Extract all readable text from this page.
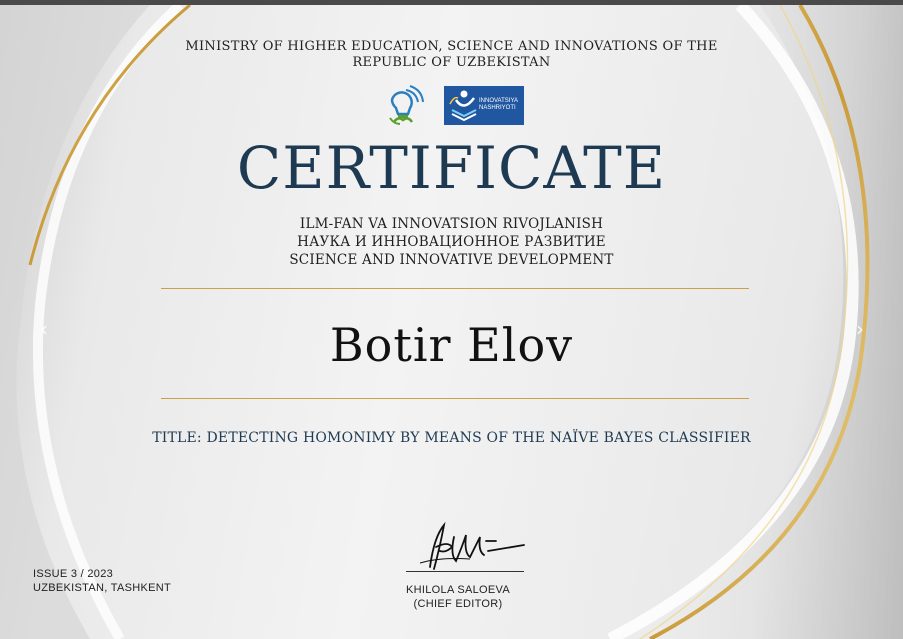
MINISTRY OF HIGHER EDUCATION, SCIENCE AND INNOVATIONS OF THE
REPUBLIC OF UZBEKISTAN
INNOVATSIYA NASHRIYOTI
CERTIFICATE
ILM-FAN VA INNOVATSION RIVOJLANISH
НАУКА И ИННОВАЦИОННОЕ РАЗВИТИЕ
SCIENCE AND INNOVATIVE DEVELOPMENT
Botir Elov
TITLE: DETECTING HOMONIMY BY MEANS OF THE NAÏVE BAYES CLASSIFIER
ISSUE 3 / 2023
UZBEKISTAN, TASHKENT	KHILOLA SALOEVA
(CHIEF EDITOR)
‹	›
